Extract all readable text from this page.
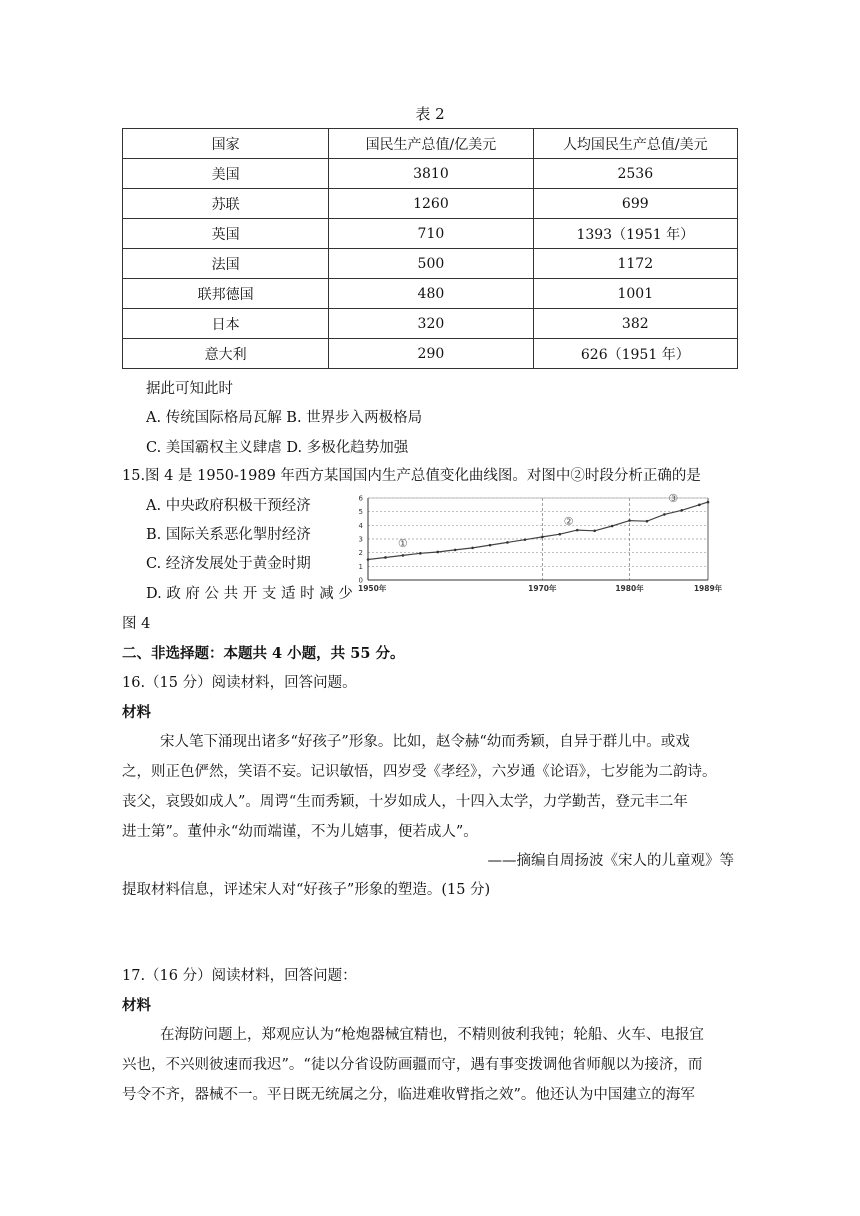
表 2
国家	国民生产总值/亿美元	人均国民生产总值/美元
美国	3810	2536
苏联	1260	699
英国	710	1393（1951 年）
法国	500	1172
联邦德国	480	1001
日本	320	382
意大利	290	626（1951 年）
据此可知此时
A. 传统国际格局瓦解 B. 世界步入两极格局
C. 美国霸权主义肆虐 D. 多极化趋势加强
15.图 4 是 1950-1989 年西方某国国内生产总值变化曲线图。对图中②时段分析正确的是
A. 中央政府积极干预经济
B. 国际关系恶化掣肘经济
C. 经济发展处于黄金时期
D. 政 府 公 共 开 支 适 时 减 少
图 4
0
1
2
3
4
5
6
1950年	1970年	1980年	1989年
①
②
③
二、非选择题：本题共 4 小题，共 55 分。
16.（15 分）阅读材料，回答问题。
材料
宋人笔下涌现出诸多“好孩子”形象。比如，赵令赫“幼而秀颖，自异于群儿中。或戏
之，则正色俨然，笑语不妄。记识敏悟，四岁受《孝经》，六岁通《论语》，七岁能为二韵诗。
丧父，哀毁如成人”。周谔“生而秀颖，十岁如成人，十四入太学，力学勤苦，登元丰二年
进士第”。董仲永“幼而端谨，不为儿嬉事，便若成人”。
——摘编自周扬波《宋人的儿童观》等
提取材料信息，评述宋人对“好孩子”形象的塑造。(15 分)
17.（16 分）阅读材料，回答问题：
材料
在海防问题上，郑观应认为“枪炮器械宜精也，不精则彼利我钝；轮船、火车、电报宜
兴也，不兴则彼速而我迟”。“徒以分省设防画疆而守，遇有事变拨调他省师舰以为接济，而
号令不齐，器械不一。平日既无统属之分，临进难收臂指之效”。他还认为中国建立的海军
